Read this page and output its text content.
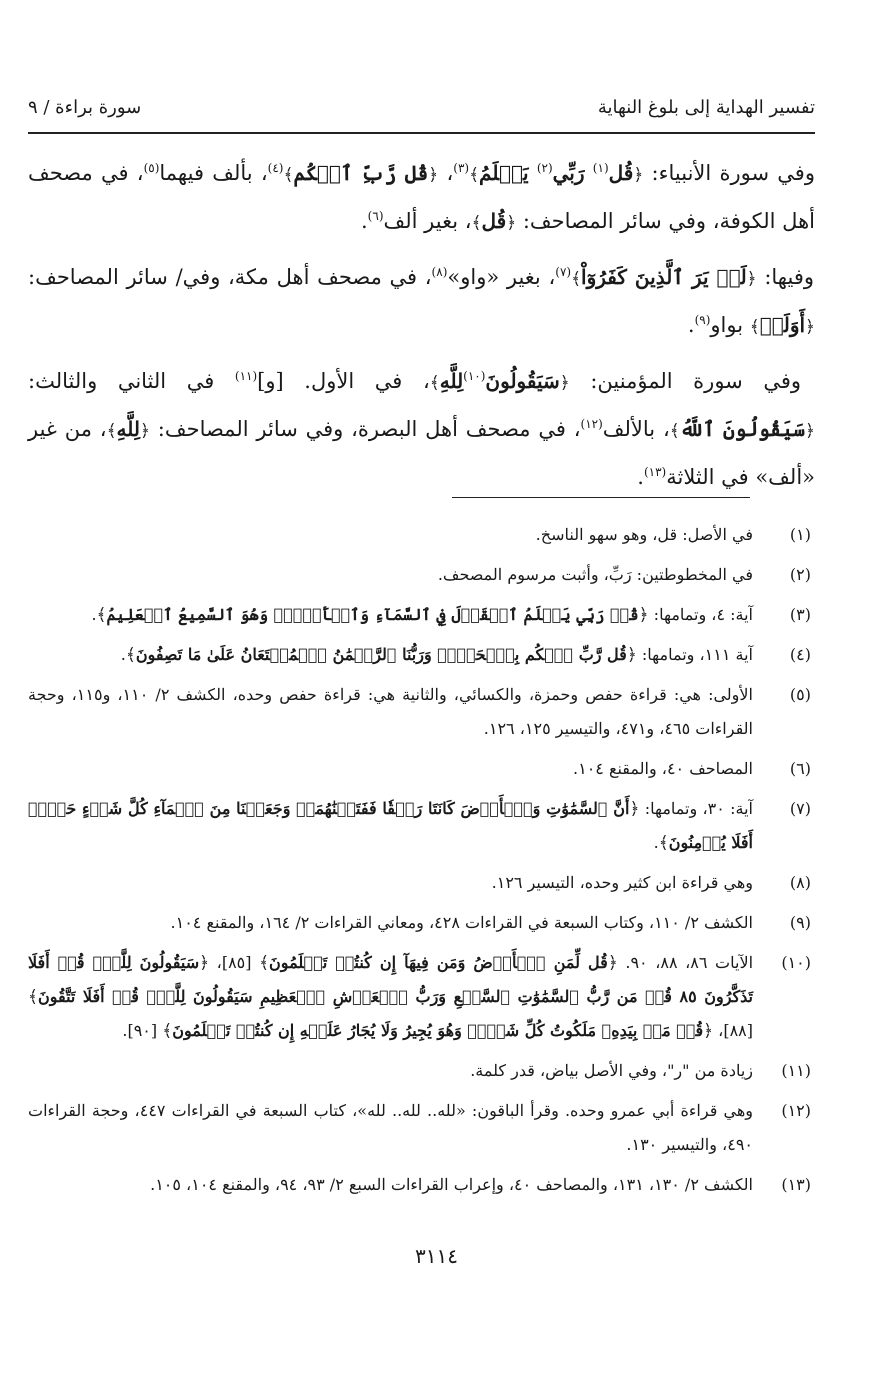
تفسير الهداية إلى بلوغ النهاية
سورة براءة / ٩

وفي سورة الأنبياء: ﴿قُل$^{(١)}$ رَبِّي$^{(٢)}$ يَعۡلَمُ﴾$^{(٣)}$، ﴿قُل رَّبِّ ٱحۡكُم﴾$^{(٤)}$، بألف فيهما$^{(٥)}$، في مصحف أهل الكوفة، وفي سائر المصاحف: ﴿قُل﴾، بغير ألف$^{(٦)}$.

وفيها: ﴿لَمۡ يَرَ ٱلَّذِينَ كَفَرُوٓاْ﴾$^{(٧)}$، بغير «واو»$^{(٨)}$، في مصحف أهل مكة، وفي/ سائر المصاحف: ﴿أَوَلَمۡ﴾ بواو$^{(٩)}$.

وفي سورة المؤمنين: ﴿سَيَقُولُونَ$^{(١٠)}$لِلَّهِ﴾، في الأول. [و]$^{(١١)}$ في الثاني والثالث: ﴿سَيَقُولُونَ ٱللَّهُ﴾، بالألف$^{(١٢)}$، في مصحف أهل البصرة، وفي سائر المصاحف: ﴿لِلَّهِ﴾، من غير «ألف» في الثلاثة$^{(١٣)}$.

(١)
في الأصل: قل، وهو سهو الناسخ.
(٢)
في المخطوطتين: رَبِّ، وأثبت مرسوم المصحف.
(٣)
آية: ٤، وتمامها: ﴿قُلۡ رَبِّي يَعۡلَمُ ٱلۡقَوۡلَ فِي ٱلسَّمَآءِ وَٱلۡأَرۡضِۖ وَهُوَ ٱلسَّمِيعُ ٱلۡعَلِيمُ﴾.
(٤)
آية ١١١، وتمامها: ﴿قُل رَّبِّ ٱحۡكُم بِٱلۡحَقِّۗ وَرَبُّنَا ٱلرَّحۡمَٰنُ ٱلۡمُسۡتَعَانُ عَلَىٰ مَا تَصِفُونَ﴾.
(٥)
الأولى: هي: قراءة حفص وحمزة، والكسائي، والثانية هي: قراءة حفص وحده، الكشف ٢/ ١١٠، و١١٥، وحجة القراءات ٤٦٥، و٤٧١، والتيسير ١٢٥، ١٢٦.
(٦)
المصاحف ٤٠، والمقنع ١٠٤.
(٧)
آية: ٣٠، وتمامها: ﴿أَنَّ ٱلسَّمَٰوَٰتِ وَٱلۡأَرۡضَ كَانَتَا رَتۡقٗا فَفَتَقۡنَٰهُمَاۖ وَجَعَلۡنَا مِنَ ٱلۡمَآءِ كُلَّ شَيۡءٍ حَيٍّۚ أَفَلَا يُؤۡمِنُونَ﴾.
(٨)
وهي قراءة ابن كثير وحده، التيسير ١٢٦.
(٩)
الكشف ٢/ ١١٠، وكتاب السبعة في القراءات ٤٢٨، ومعاني القراءات ٢/ ١٦٤، والمقنع ١٠٤.
(١٠)
الآيات ٨٦، ٨٨، ٩٠. ﴿قُل لِّمَنِ ٱلۡأَرۡضُ وَمَن فِيهَآ إِن كُنتُمۡ تَعۡلَمُونَ﴾ [٨٥]، ﴿سَيَقُولُونَ لِلَّهِۚ قُلۡ أَفَلَا تَذَكَّرُونَ ٨٥ قُلۡ مَن رَّبُّ ٱلسَّمَٰوَٰتِ ٱلسَّبۡعِ وَرَبُّ ٱلۡعَرۡشِ ٱلۡعَظِيمِ سَيَقُولُونَ لِلَّهِۚ قُلۡ أَفَلَا تَتَّقُونَ﴾ [٨٨]، ﴿قُلۡ مَنۢ بِيَدِهِۦ مَلَكُوتُ كُلِّ شَيۡءٖ وَهُوَ يُجِيرُ وَلَا يُجَارُ عَلَيۡهِ إِن كُنتُمۡ تَعۡلَمُونَ﴾ [٩٠].
(١١)
زيادة من "ر"، وفي الأصل بياض، قدر كلمة.
(١٢)
وهي قراءة أبي عمرو وحده. وقرأ الباقون: «لله.. لله.. لله»، كتاب السبعة في القراءات ٤٤٧، وحجة القراءات ٤٩٠، والتيسير ١٣٠.
(١٣)
الكشف ٢/ ١٣٠، ١٣١، والمصاحف ٤٠، وإعراب القراءات السبع ٢/ ٩٣، ٩٤، والمقنع ١٠٤، ١٠٥.
٣١١٤
